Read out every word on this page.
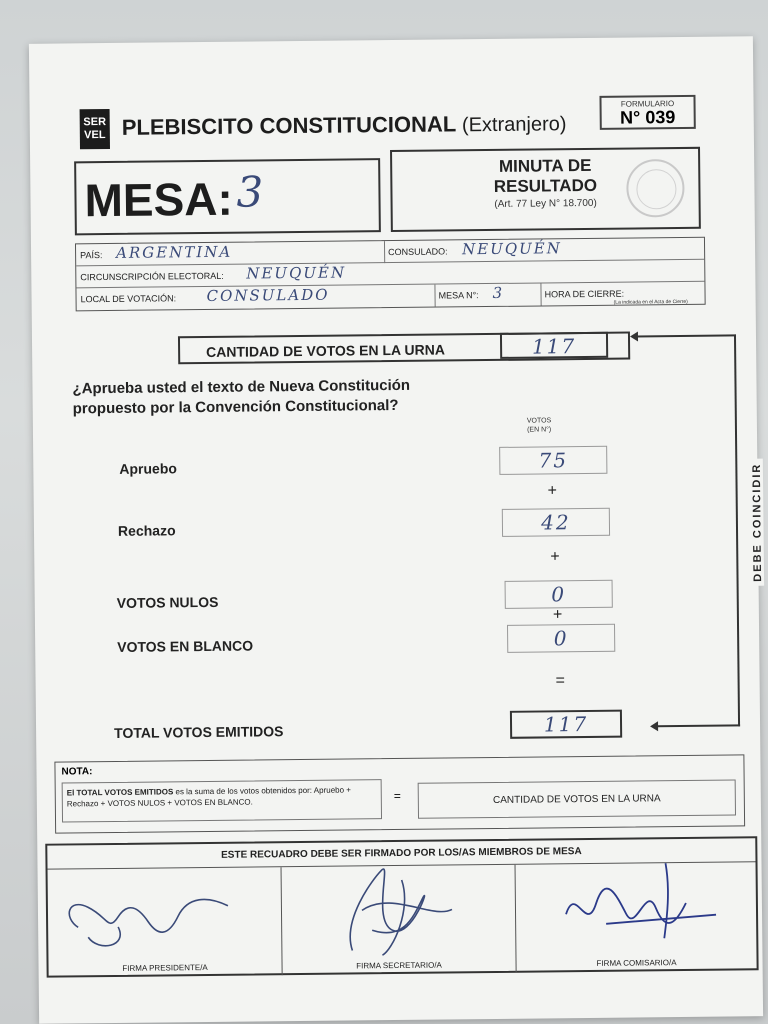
SER
VEL PLEBISCITO CONSTITUCIONAL (Extranjero)
FORMULARIO
N° 039
MESA: 3
MINUTA DE
RESULTADO
(Art. 77 Ley N° 18.700)
PAÍS: ARGENTINA	CONSULADO: NEUQUÉN
CIRCUNSCRIPCIÓN ELECTORAL: NEUQUÉN
LOCAL DE VOTACIÓN: CONSULADO	MESA N°: 3	HORA DE CIERRE:
(La indicada en el Acta de Cierre)
CANTIDAD DE VOTOS EN LA URNA	117
¿Aprueba usted el texto de Nueva Constitución
propuesto por la Convención Constitucional?
VOTOS
(EN N°)
Apruebo	75
+
Rechazo	42
+
VOTOS NULOS	0
+
VOTOS EN BLANCO	0
=
TOTAL VOTOS EMITIDOS	117
DEBE COINCIDIR
NOTA:
El TOTAL VOTOS EMITIDOS es la suma de los votos obtenidos por: Apruebo + Rechazo + VOTOS NULOS + VOTOS EN BLANCO.	=	CANTIDAD DE VOTOS EN LA URNA
ESTE RECUADRO DEBE SER FIRMADO POR LOS/AS MIEMBROS DE MESA
FIRMA PRESIDENTE/A	FIRMA SECRETARIO/A	FIRMA COMISARIO/A
